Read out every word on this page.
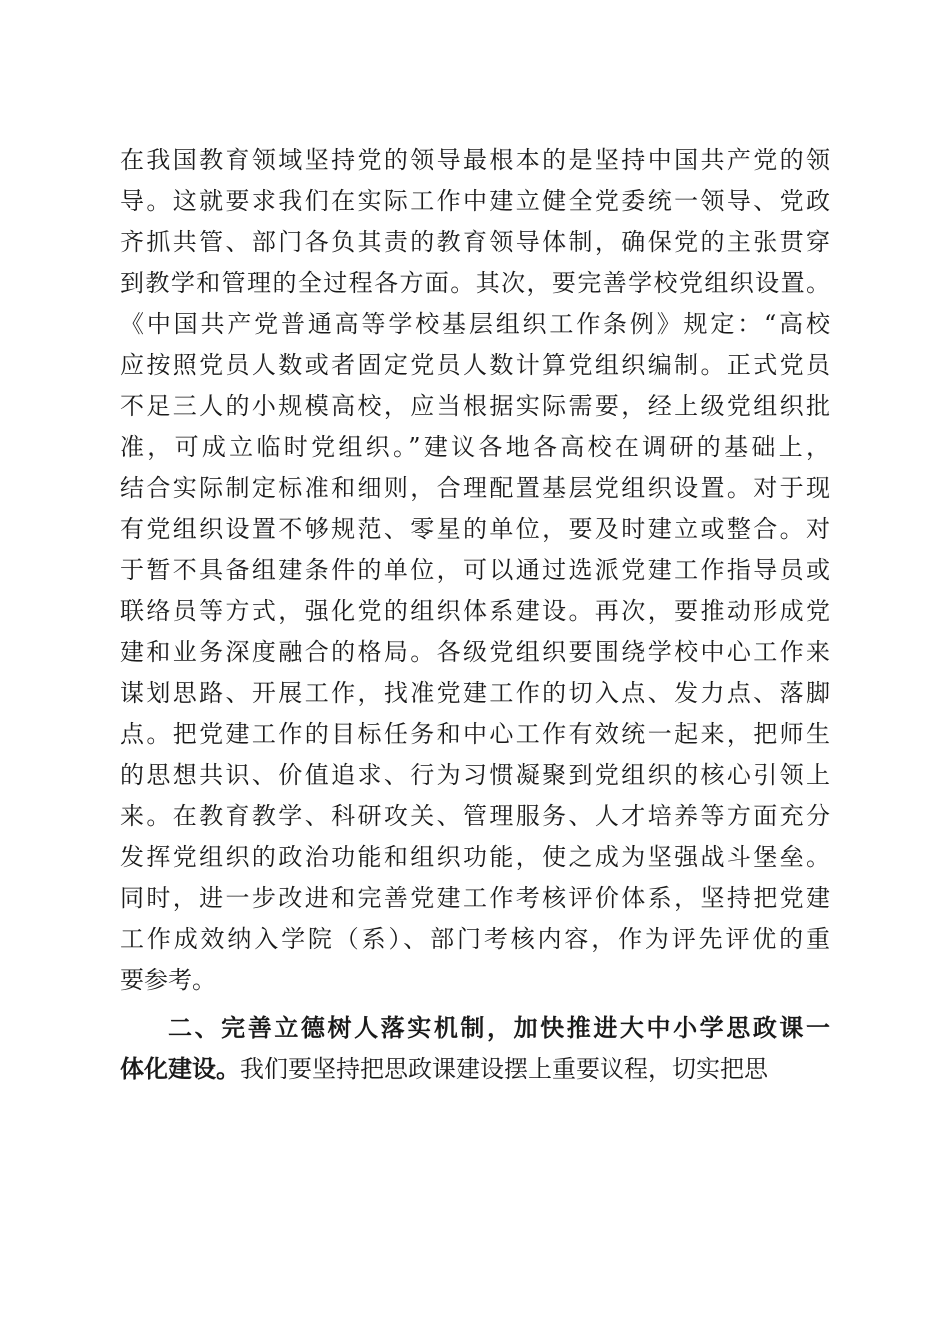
在我国教育领域坚持党的领导最根本的是坚持中国共产党的领
导。这就要求我们在实际工作中建立健全党委统一领导、党政
齐抓共管、部门各负其责的教育领导体制，确保党的主张贯穿
到教学和管理的全过程各方面。其次，要完善学校党组织设置。
《中国共产党普通高等学校基层组织工作条例》规定：“高校
应按照党员人数或者固定党员人数计算党组织编制。正式党员
不足三人的小规模高校，应当根据实际需要，经上级党组织批
准，可成立临时党组织。”建议各地各高校在调研的基础上，
结合实际制定标准和细则，合理配置基层党组织设置。对于现
有党组织设置不够规范、零星的单位，要及时建立或整合。对
于暂不具备组建条件的单位，可以通过选派党建工作指导员或
联络员等方式，强化党的组织体系建设。再次，要推动形成党
建和业务深度融合的格局。各级党组织要围绕学校中心工作来
谋划思路、开展工作，找准党建工作的切入点、发力点、落脚
点。把党建工作的目标任务和中心工作有效统一起来，把师生
的思想共识、价值追求、行为习惯凝聚到党组织的核心引领上
来。在教育教学、科研攻关、管理服务、人才培养等方面充分
发挥党组织的政治功能和组织功能，使之成为坚强战斗堡垒。
同时，进一步改进和完善党建工作考核评价体系，坚持把党建
工作成效纳入学院（系）、部门考核内容，作为评先评优的重
要参考。
二、完善立德树人落实机制，加快推进大中小学思政课一
体化建设。我们要坚持把思政课建设摆上重要议程，切实把思
